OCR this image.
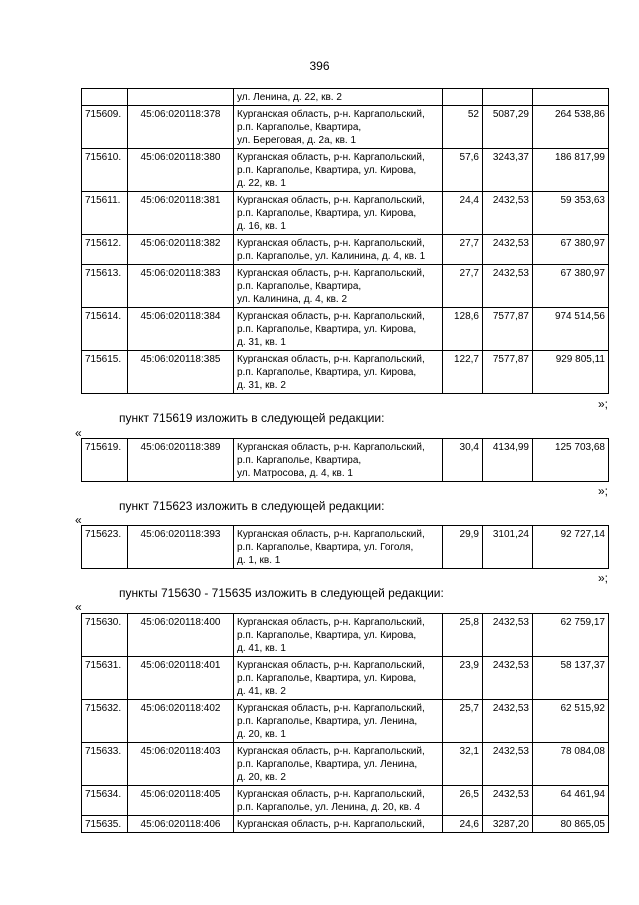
396

		ул. Ленина, д. 22, кв. 2			

715609.	45:06:020118:378	Курганская область, р-н. Каргапольский,
р.п. Каргаполье, Квартира,
ул. Береговая, д. 2а, кв. 1	52	5087,29	264 538,86
715610.	45:06:020118:380	Курганская область, р-н. Каргапольский,
р.п. Каргаполье, Квартира, ул. Кирова,
д. 22, кв. 1	57,6	3243,37	186 817,99
715611.	45:06:020118:381	Курганская область, р-н. Каргапольский,
р.п. Каргаполье, Квартира, ул. Кирова,
д. 16, кв. 1	24,4	2432,53	59 353,63
715612.	45:06:020118:382	Курганская область, р-н. Каргапольский,
р.п. Каргаполье, ул. Калинина, д. 4, кв. 1	27,7	2432,53	67 380,97
715613.	45:06:020118:383	Курганская область, р-н. Каргапольский,
р.п. Каргаполье, Квартира,
ул. Калинина, д. 4, кв. 2	27,7	2432,53	67 380,97
715614.	45:06:020118:384	Курганская область, р-н. Каргапольский,
р.п. Каргаполье, Квартира, ул. Кирова,
д. 31, кв. 1	128,6	7577,87	974 514,56
715615.	45:06:020118:385	Курганская область, р-н. Каргапольский,
р.п. Каргаполье, Квартира, ул. Кирова,
д. 31, кв. 2	122,7	7577,87	929 805,11
»;
пункт 715619 изложить в следующей редакции:
«
715619.	45:06:020118:389	Курганская область, р-н. Каргапольский,
р.п. Каргаполье, Квартира,
ул. Матросова, д. 4, кв. 1
	30,4	4134,99	125 703,68
»;
пункт 715623 изложить в следующей редакции:
«
715623.	45:06:020118:393	Курганская область, р-н. Каргапольский,
р.п. Каргаполье, Квартира, ул. Гоголя,
д. 1, кв. 1
	29,9	3101,24	92 727,14
»;
пункты 715630 - 715635 изложить в следующей редакции:
«
715630.	45:06:020118:400	Курганская область, р-н. Каргапольский,
р.п. Каргаполье, Квартира, ул. Кирова,
д. 41, кв. 1	25,8	2432,53	62 759,17
715631.	45:06:020118:401	Курганская область, р-н. Каргапольский,
р.п. Каргаполье, Квартира, ул. Кирова,
д. 41, кв. 2	23,9	2432,53	58 137,37
715632.	45:06:020118:402	Курганская область, р-н. Каргапольский,
р.п. Каргаполье, Квартира, ул. Ленина,
д. 20, кв. 1	25,7	2432,53	62 515,92
715633.	45:06:020118:403	Курганская область, р-н. Каргапольский,
р.п. Каргаполье, Квартира, ул. Ленина,
д. 20, кв. 2	32,1	2432,53	78 084,08
715634.	45:06:020118:405	Курганская область, р-н. Каргапольский,
р.п. Каргаполье, ул. Ленина, д. 20, кв. 4	26,5	2432,53	64 461,94
715635.	45:06:020118:406	Курганская область, р-н. Каргапольский,	24,6	3287,20	80 865,05
